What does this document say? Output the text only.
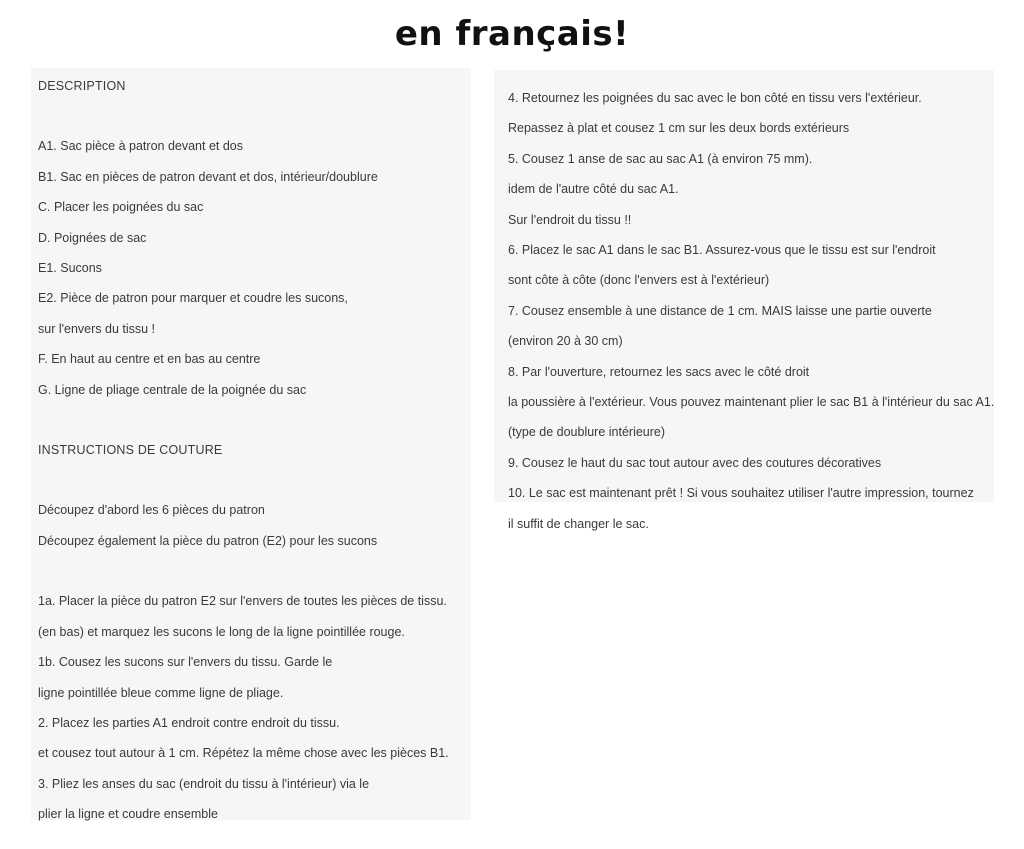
en français!
DESCRIPTION
A1. Sac pièce à patron devant et dos
B1. Sac en pièces de patron devant et dos, intérieur/doublure
C. Placer les poignées du sac
D. Poignées de sac
E1. Sucons
E2. Pièce de patron pour marquer et coudre les sucons,
sur l'envers du tissu !
F. En haut au centre et en bas au centre
G. Ligne de pliage centrale de la poignée du sac
INSTRUCTIONS DE COUTURE
Découpez d'abord les 6 pièces du patron
Découpez également la pièce du patron (E2) pour les sucons
1a. Placer la pièce du patron E2 sur l'envers de toutes les pièces de tissu.
(en bas) et marquez les sucons le long de la ligne pointillée rouge.
1b. Cousez les sucons sur l'envers du tissu. Garde le
ligne pointillée bleue comme ligne de pliage.
2. Placez les parties A1 endroit contre endroit du tissu.
et cousez tout autour à 1 cm. Répétez la même chose avec les pièces B1.
3. Pliez les anses du sac (endroit du tissu à l'intérieur) via le
plier la ligne et coudre ensemble
4. Retournez les poignées du sac avec le bon côté en tissu vers l'extérieur.
Repassez à plat et cousez 1 cm sur les deux bords extérieurs
5. Cousez 1 anse de sac au sac A1 (à environ 75 mm).
idem de l'autre côté du sac A1.
Sur l'endroit du tissu !!
6. Placez le sac A1 dans le sac B1. Assurez-vous que le tissu est sur l'endroit
sont côte à côte (donc l'envers est à l'extérieur)
7. Cousez ensemble à une distance de 1 cm. MAIS laisse une partie ouverte
(environ 20 à 30 cm)
8. Par l'ouverture, retournez les sacs avec le côté droit
la poussière à l'extérieur. Vous pouvez maintenant plier le sac B1 à l'intérieur du sac A1.
(type de doublure intérieure)
9. Cousez le haut du sac tout autour avec des coutures décoratives
10. Le sac est maintenant prêt ! Si vous souhaitez utiliser l'autre impression, tournez
il suffit de changer le sac.
